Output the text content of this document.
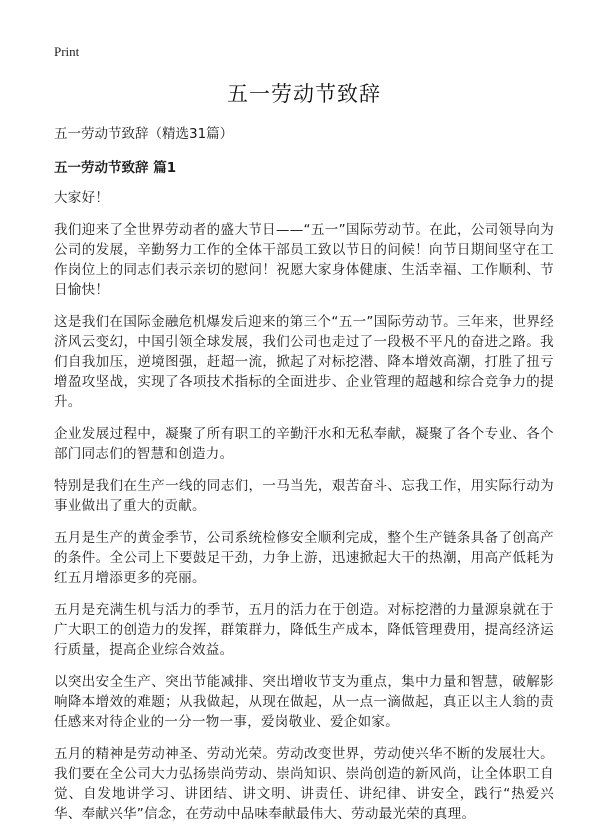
Print
五一劳动节致辞
五一劳动节致辞（精选31篇）
五一劳动节致辞 篇1

大家好！

我们迎来了全世界劳动者的盛大节日——“五一”国际劳动节。在此，公司领导向为公司的发展，辛勤努力工作的全体干部员工致以节日的问候！向节日期间坚守在工作岗位上的同志们表示亲切的慰问！祝愿大家身体健康、生活幸福、工作顺利、节日愉快！

这是我们在国际金融危机爆发后迎来的第三个“五一”国际劳动节。三年来，世界经济风云变幻，中国引领全球发展，我们公司也走过了一段极不平凡的奋进之路。我们自我加压，逆境图强，赶超一流，掀起了对标挖潜、降本增效高潮，打胜了扭亏增盈攻坚战，实现了各项技术指标的全面进步、企业管理的超越和综合竞争力的提升。

企业发展过程中，凝聚了所有职工的辛勤汗水和无私奉献，凝聚了各个专业、各个部门同志们的智慧和创造力。

特别是我们在生产一线的同志们，一马当先，艰苦奋斗、忘我工作，用实际行动为事业做出了重大的贡献。

五月是生产的黄金季节，公司系统检修安全顺利完成，整个生产链条具备了创高产的条件。全公司上下要鼓足干劲，力争上游，迅速掀起大干的热潮，用高产低耗为红五月增添更多的亮丽。

五月是充满生机与活力的季节，五月的活力在于创造。对标挖潜的力量源泉就在于广大职工的创造力的发挥，群策群力，降低生产成本，降低管理费用，提高经济运行质量，提高企业综合效益。

以突出安全生产、突出节能减排、突出增收节支为重点，集中力量和智慧，破解影响降本增效的难题；从我做起，从现在做起，从一点一滴做起，真正以主人翁的责任感来对待企业的一分一物一事，爱岗敬业、爱企如家。

五月的精神是劳动神圣、劳动光荣。劳动改变世界，劳动使兴华不断的发展壮大。我们要在全公司大力弘扬崇尚劳动、崇尚知识、崇尚创造的新风尚，让全体职工自觉、自发地讲学习、讲团结、讲文明、讲责任、讲纪律、讲安全，践行“热爱兴华、奉献兴华”信念，在劳动中品味奉献最伟大、劳动最光荣的真理。
